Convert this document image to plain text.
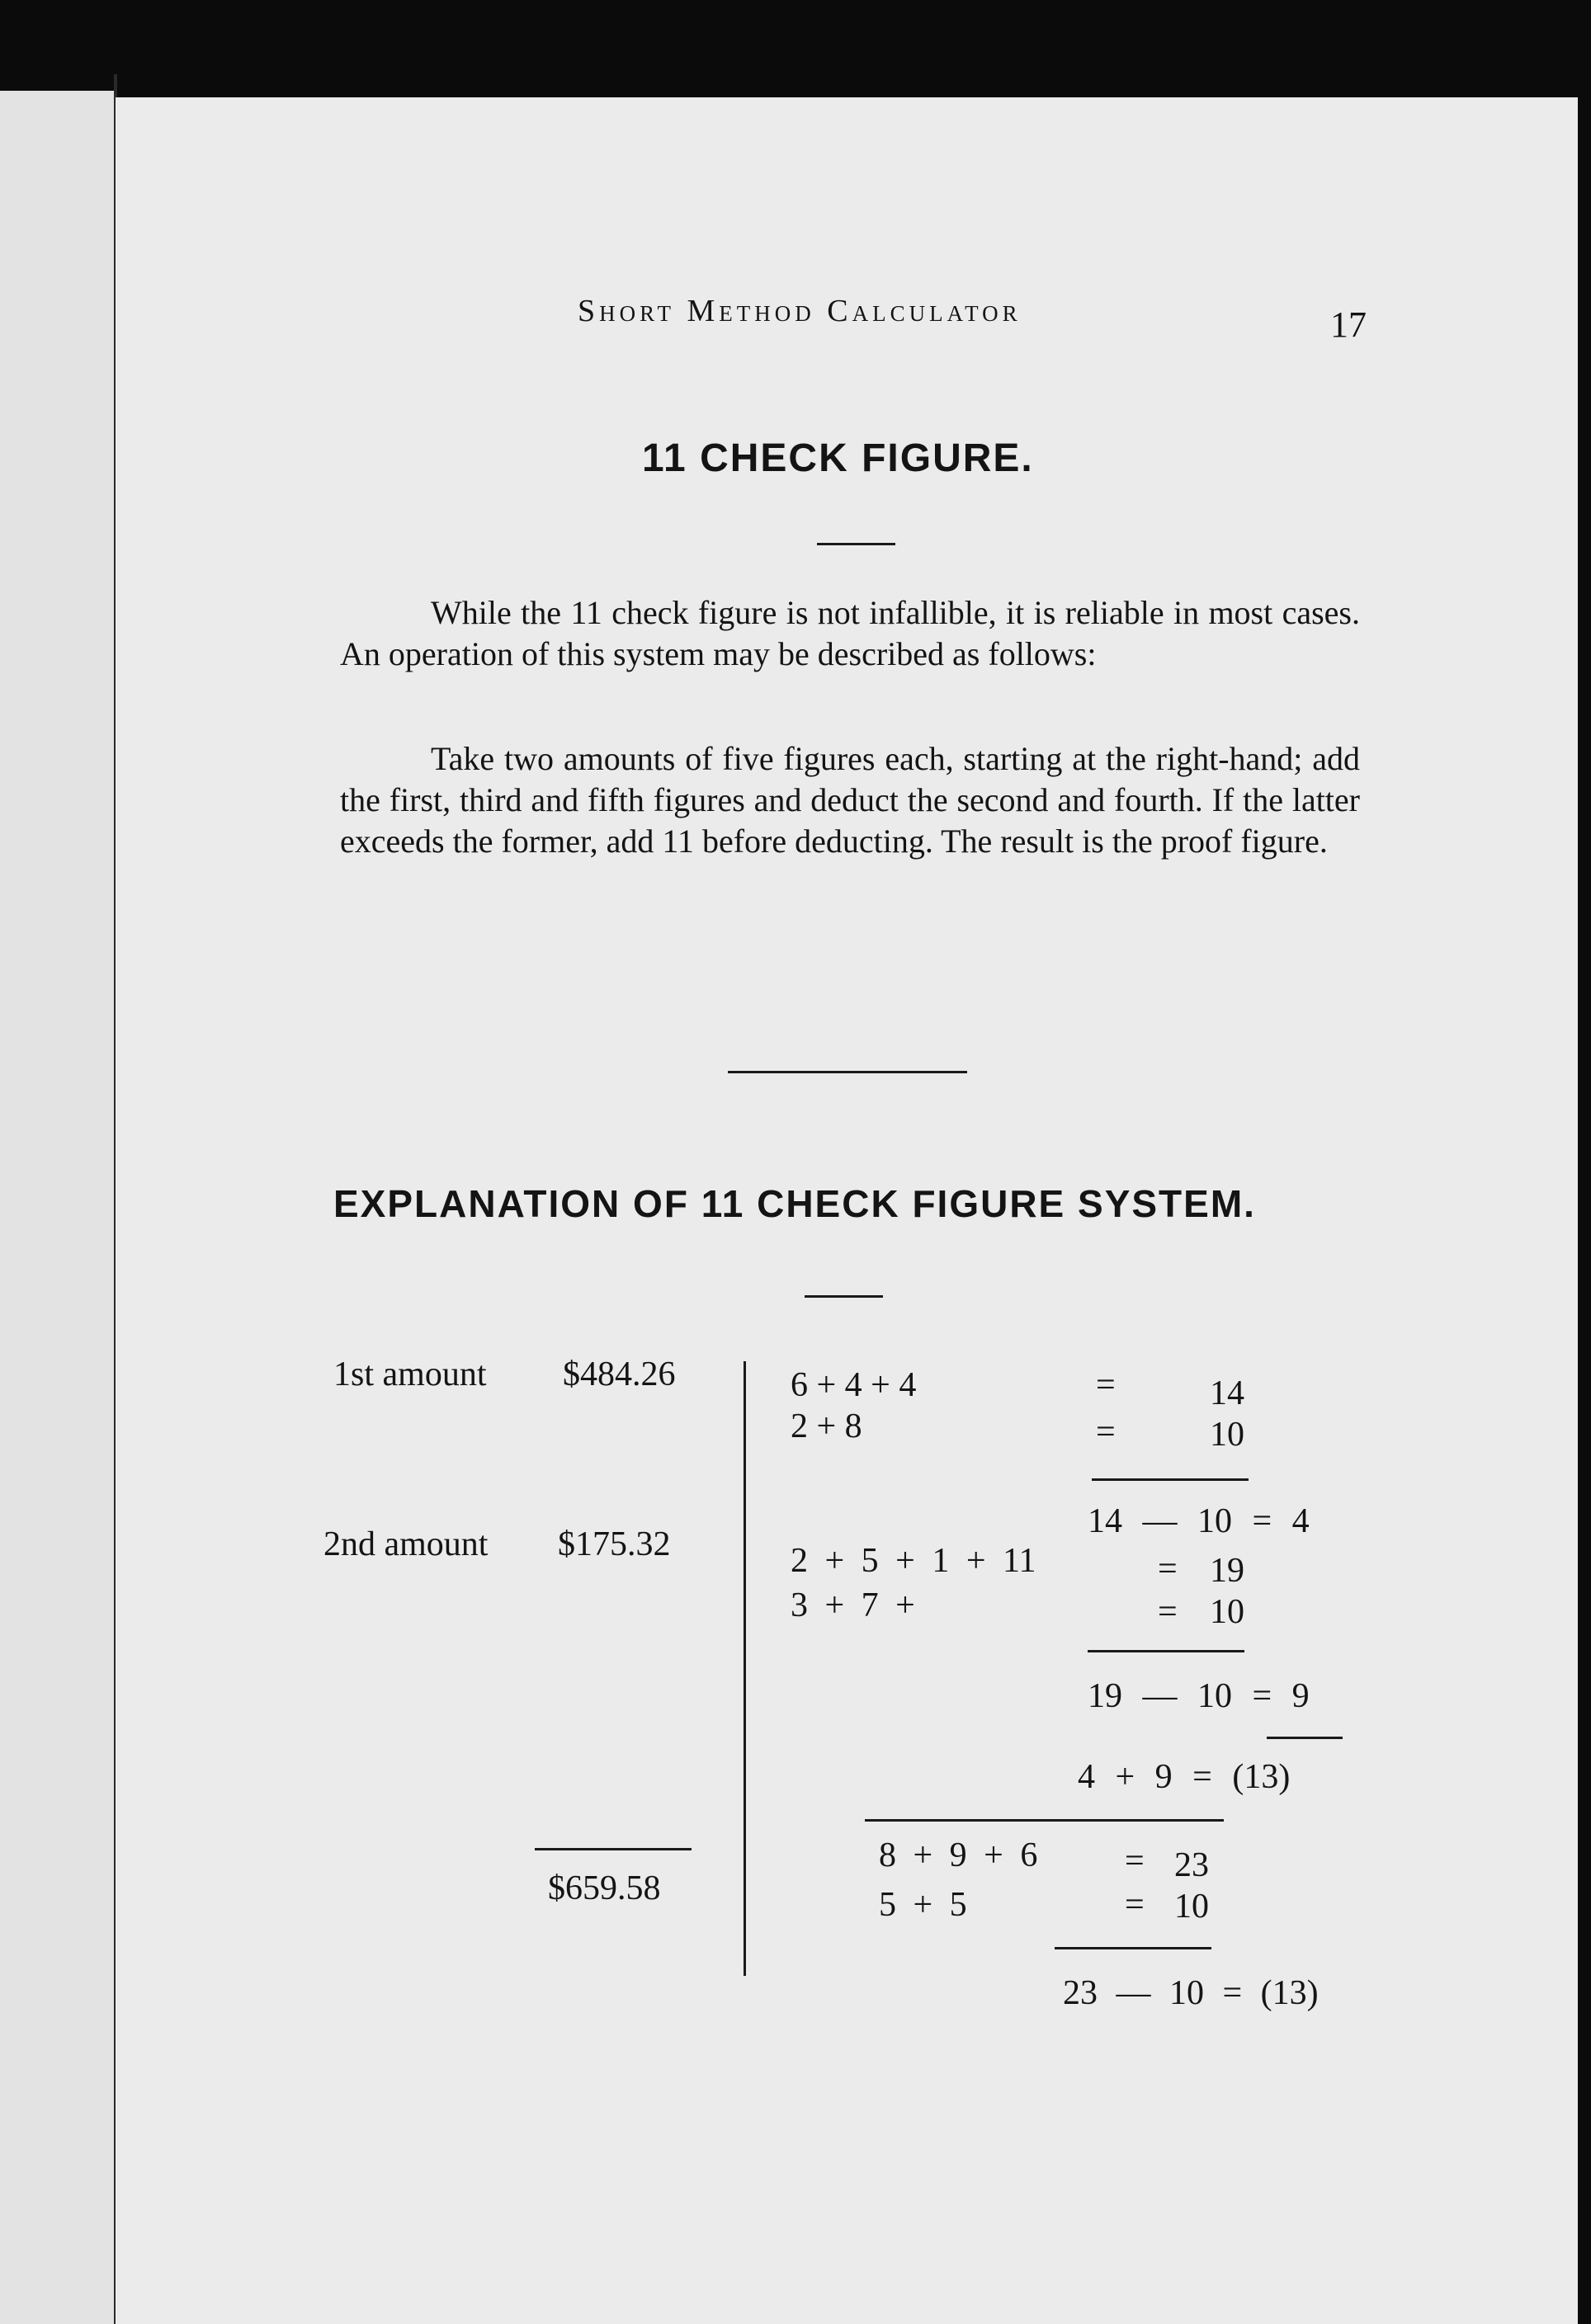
Short Method Calculator	17
11 CHECK FIGURE.
While the 11 check figure is not infallible, it is reliable in most cases. An operation of this system may be described as follows:
Take two amounts of five figures each, starting at the right-hand; add the first, third and fifth figures and deduct the second and fourth. If the latter exceeds the former, add 11 before deducting. The result is the proof figure.
EXPLANATION OF 11 CHECK FIGURE SYSTEM.
1st amount $484.26
2nd amount $175.32
$659.58
6 + 4 + 4	=	14
2 + 8	=	10
14 — 10 = 4
2 + 5 + 1 + 11	= 19
3 + 7 +	= 10
19 — 10 = 9
4 + 9 = (13)
8 + 9 + 6	= 23
5 + 5	= 10
23 — 10 = (13)
